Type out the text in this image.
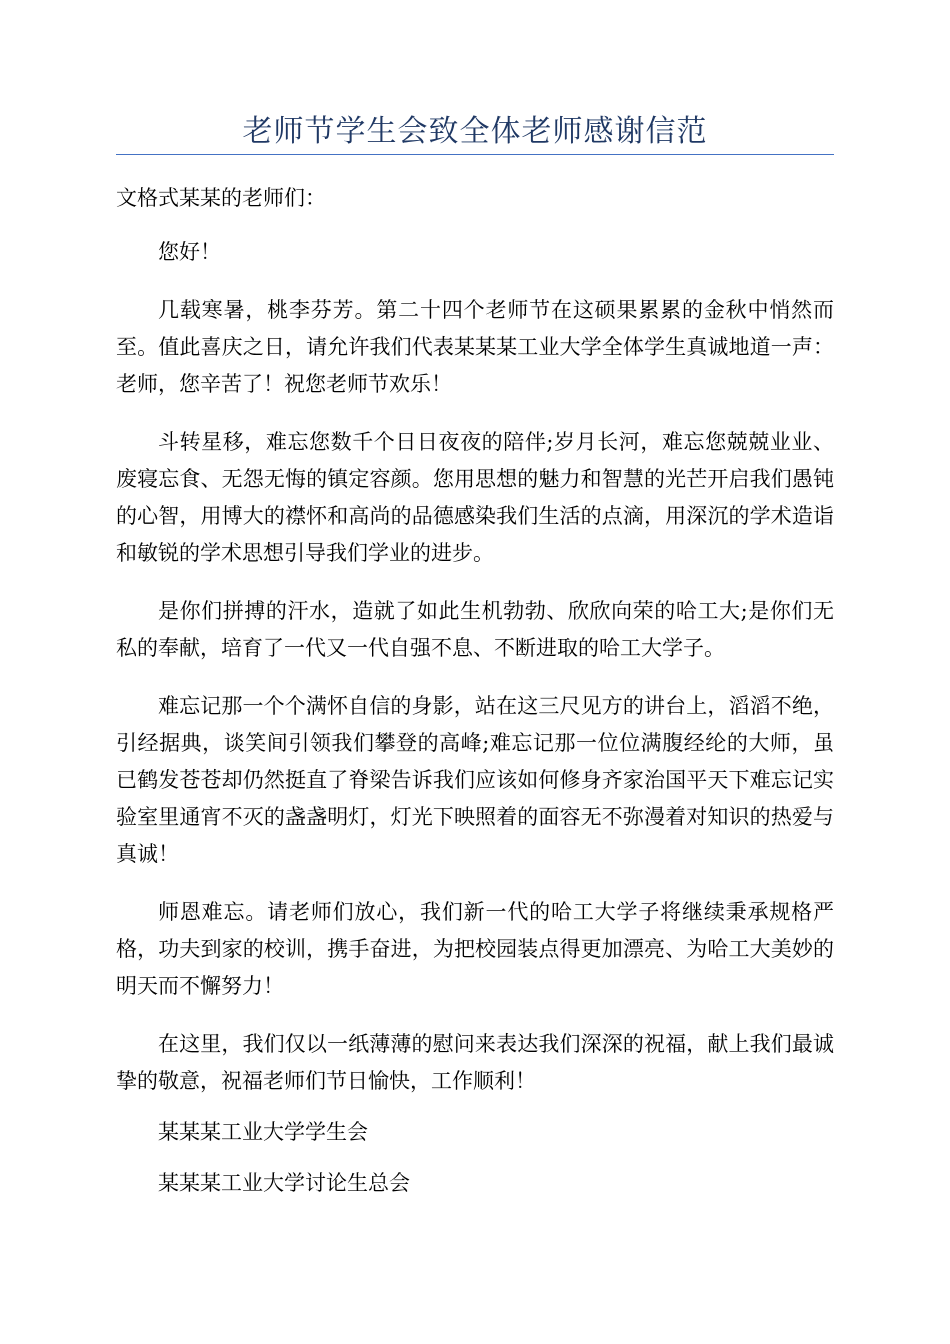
老师节学生会致全体老师感谢信范

文格式某某的老师们：

您好！

几载寒暑，桃李芬芳。第二十四个老师节在这硕果累累的金秋中悄然而至。值此喜庆之日，请允许我们代表某某某工业大学全体学生真诚地道一声：老师，您辛苦了！祝您老师节欢乐！

斗转星移，难忘您数千个日日夜夜的陪伴;岁月长河，难忘您兢兢业业、废寝忘食、无怨无悔的镇定容颜。您用思想的魅力和智慧的光芒开启我们愚钝的心智，用博大的襟怀和高尚的品德感染我们生活的点滴，用深沉的学术造诣和敏锐的学术思想引导我们学业的进步。

是你们拼搏的汗水，造就了如此生机勃勃、欣欣向荣的哈工大;是你们无私的奉献，培育了一代又一代自强不息、不断进取的哈工大学子。

难忘记那一个个满怀自信的身影，站在这三尺见方的讲台上，滔滔不绝，引经据典，谈笑间引领我们攀登的高峰;难忘记那一位位满腹经纶的大师，虽已鹤发苍苍却仍然挺直了脊梁告诉我们应该如何修身齐家治国平天下难忘记实验室里通宵不灭的盏盏明灯，灯光下映照着的面容无不弥漫着对知识的热爱与真诚！

师恩难忘。请老师们放心，我们新一代的哈工大学子将继续秉承规格严格，功夫到家的校训，携手奋进，为把校园装点得更加漂亮、为哈工大美妙的明天而不懈努力！

在这里，我们仅以一纸薄薄的慰问来表达我们深深的祝福，献上我们最诚挚的敬意，祝福老师们节日愉快，工作顺利！

某某某工业大学学生会

某某某工业大学讨论生总会
